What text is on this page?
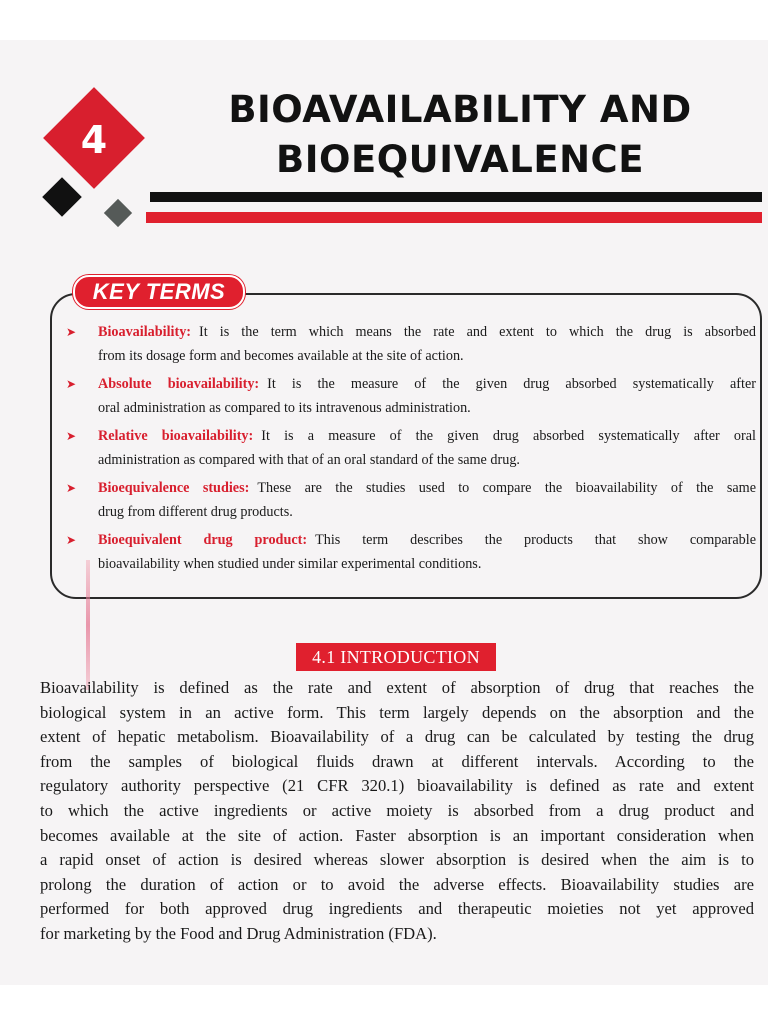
4
BIOAVAILABILITY AND
BIOEQUIVALENCE
KEY TERMS
➤ Bioavailability: It is the term which means the rate and extent to which the drug is absorbed

from its dosage form and becomes available at the site of action.

➤ Absolute bioavailability: It is the measure of the given drug absorbed systematically after

oral administration as compared to its intravenous administration.

➤ Relative bioavailability: It is a measure of the given drug absorbed systematically after oral

administration as compared with that of an oral standard of the same drug.

➤ Bioequivalence studies: These are the studies used to compare the bioavailability of the same

drug from different drug products.

➤ Bioequivalent drug product: This term describes the products that show comparable

bioavailability when studied under similar experimental conditions.

4.1 INTRODUCTION

Bioavailability is defined as the rate and extent of absorption of drug that reaches the

biological system in an active form. This term largely depends on the absorption and the

extent of hepatic metabolism. Bioavailability of a drug can be calculated by testing the drug

from the samples of biological fluids drawn at different intervals. According to the

regulatory authority perspective (21 CFR 320.1) bioavailability is defined as rate and extent

to which the active ingredients or active moiety is absorbed from a drug product and

becomes available at the site of action. Faster absorption is an important consideration when

a rapid onset of action is desired whereas slower absorption is desired when the aim is to

prolong the duration of action or to avoid the adverse effects. Bioavailability studies are

performed for both approved drug ingredients and therapeutic moieties not yet approved

for marketing by the Food and Drug Administration (FDA).
